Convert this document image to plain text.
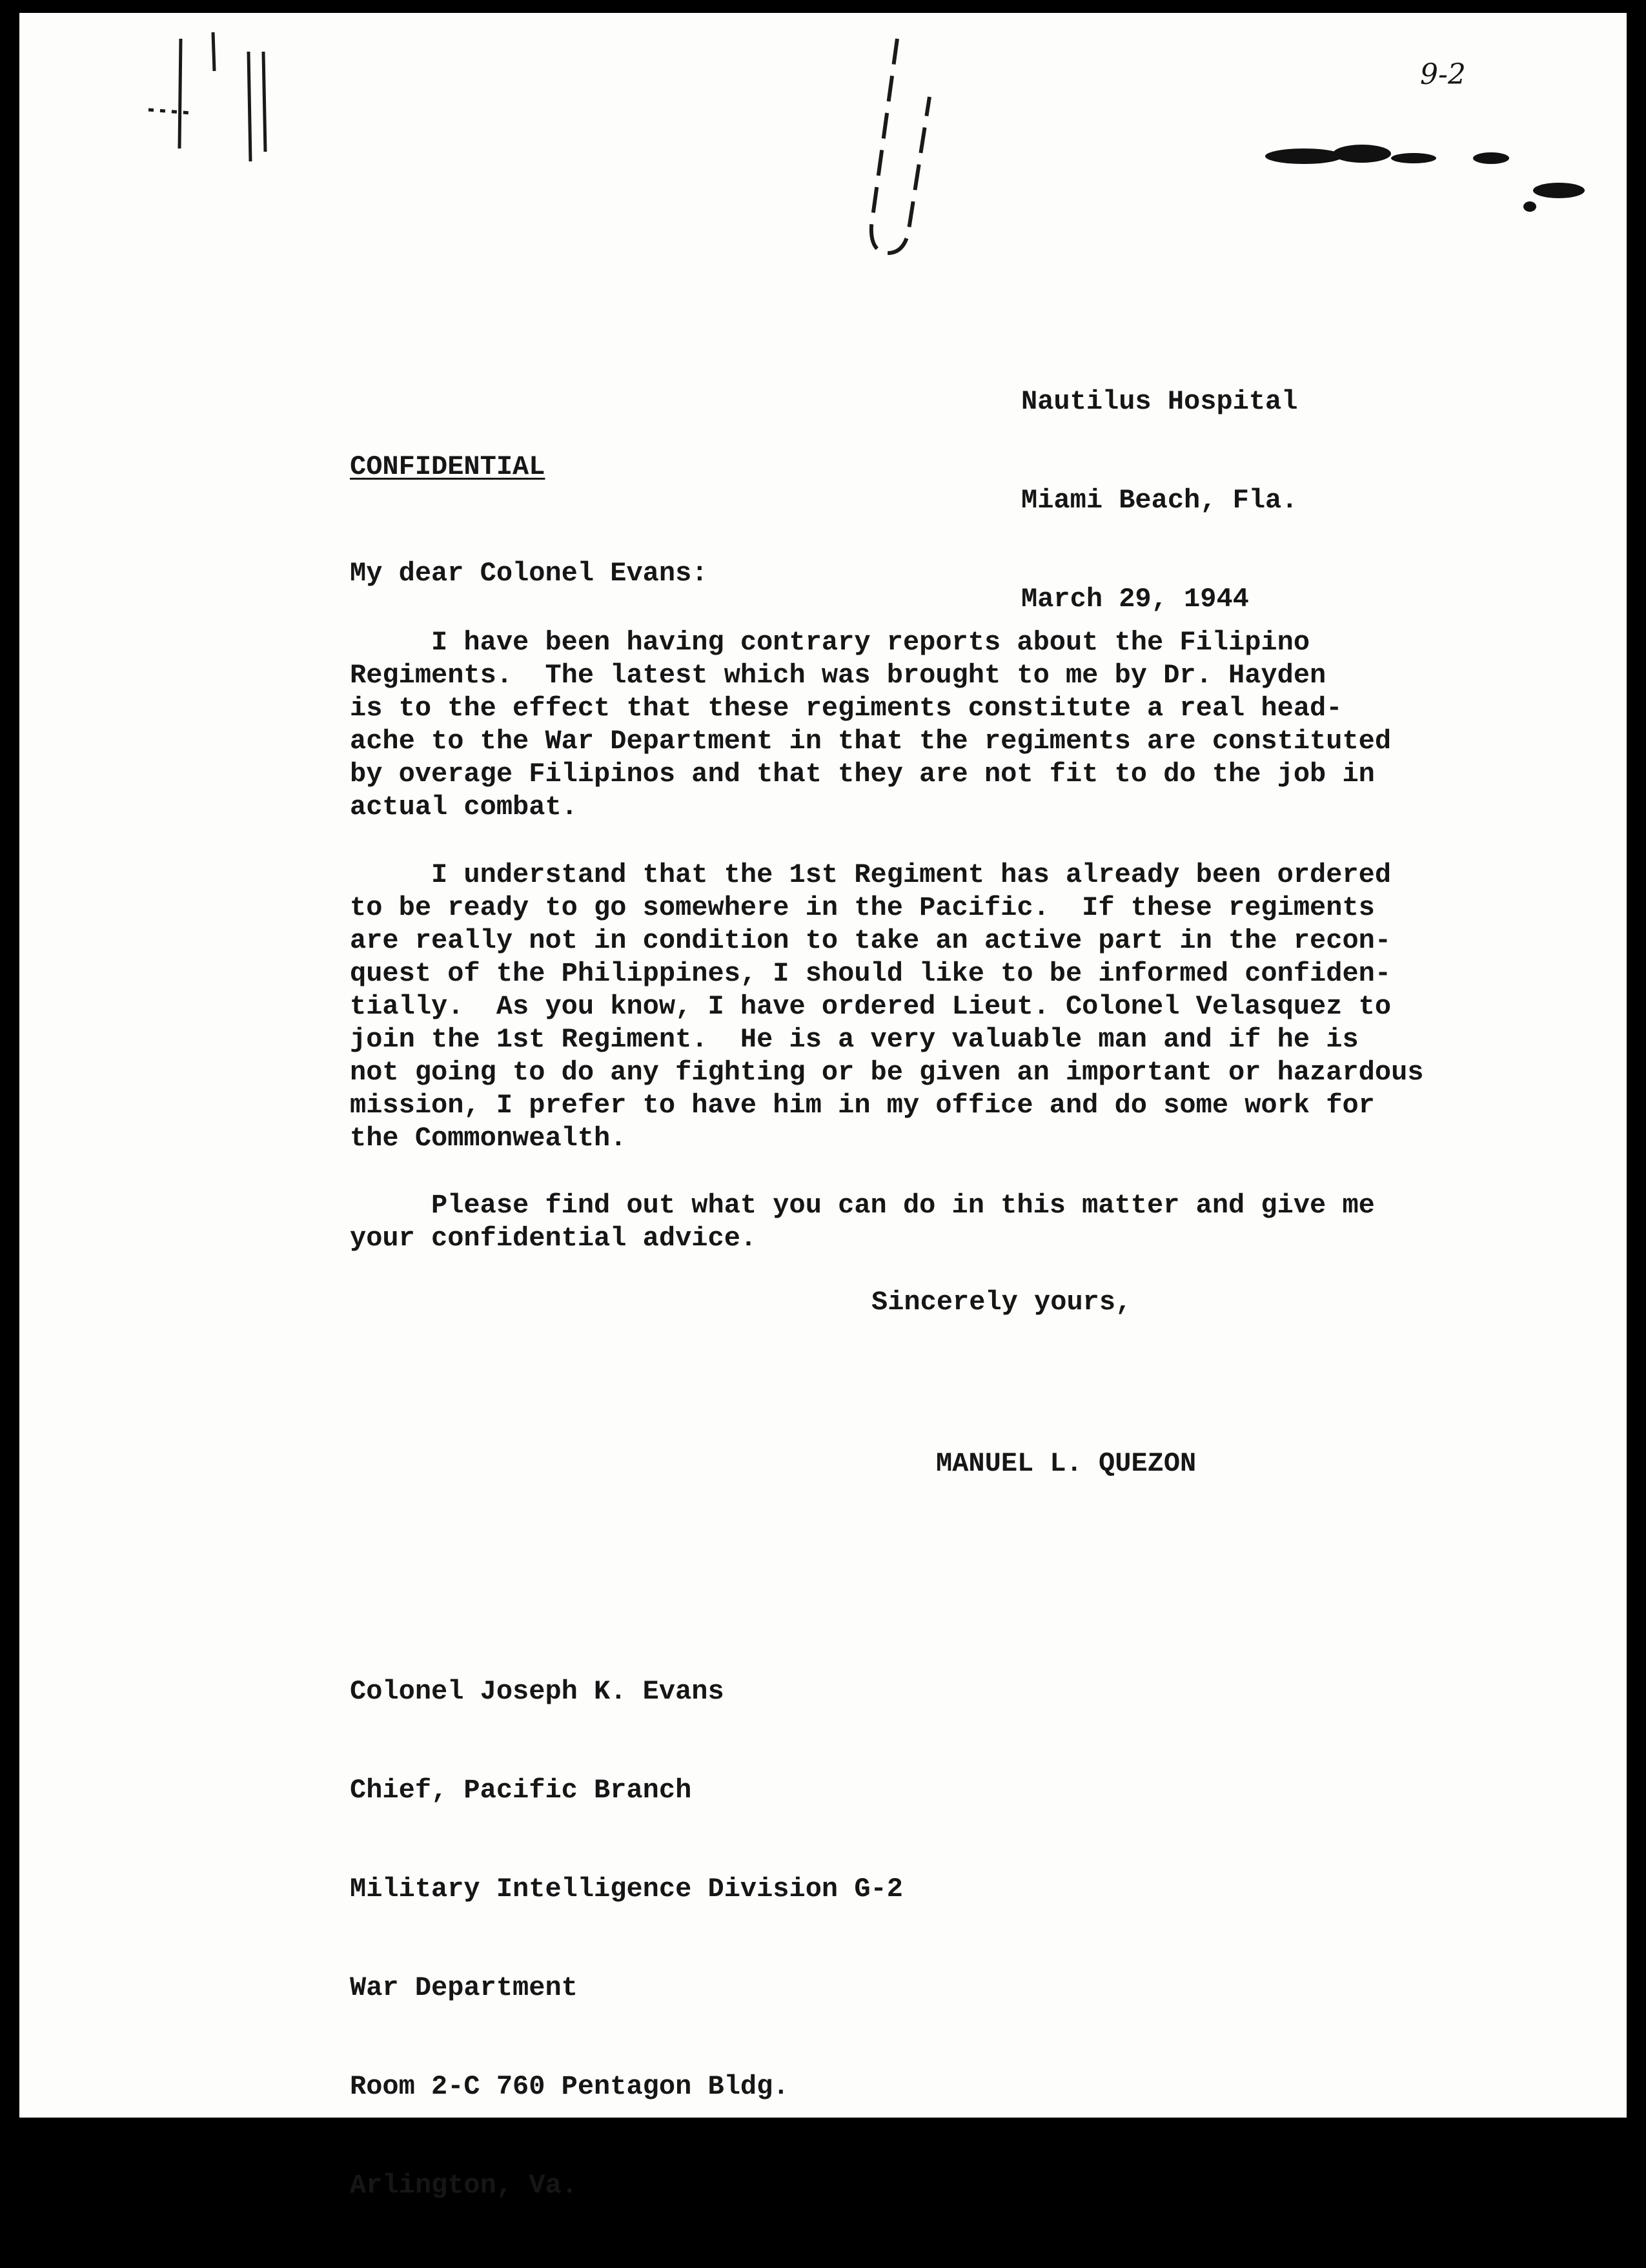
9-2

Nautilus Hospital

Miami Beach, Fla.

March 29, 1944

CONFIDENTIAL
My dear Colonel Evans:
I have been having contrary reports about the Filipino
Regiments.  The latest which was brought to me by Dr. Hayden
is to the effect that these regiments constitute a real head-
ache to the War Department in that the regiments are constituted
by overage Filipinos and that they are not fit to do the job in
actual combat.
I understand that the 1st Regiment has already been ordered
to be ready to go somewhere in the Pacific.  If these regiments
are really not in condition to take an active part in the recon-
quest of the Philippines, I should like to be informed confiden-
tially.  As you know, I have ordered Lieut. Colonel Velasquez to
join the 1st Regiment.  He is a very valuable man and if he is
not going to do any fighting or be given an important or hazardous
mission, I prefer to have him in my office and do some work for
the Commonwealth.
Please find out what you can do in this matter and give me
your confidential advice.
Sincerely yours,
MANUEL L. QUEZON

Colonel Joseph K. Evans

Chief, Pacific Branch

Military Intelligence Division G-2

War Department

Room 2-C 760 Pentagon Bldg.

Arlington, Va.
